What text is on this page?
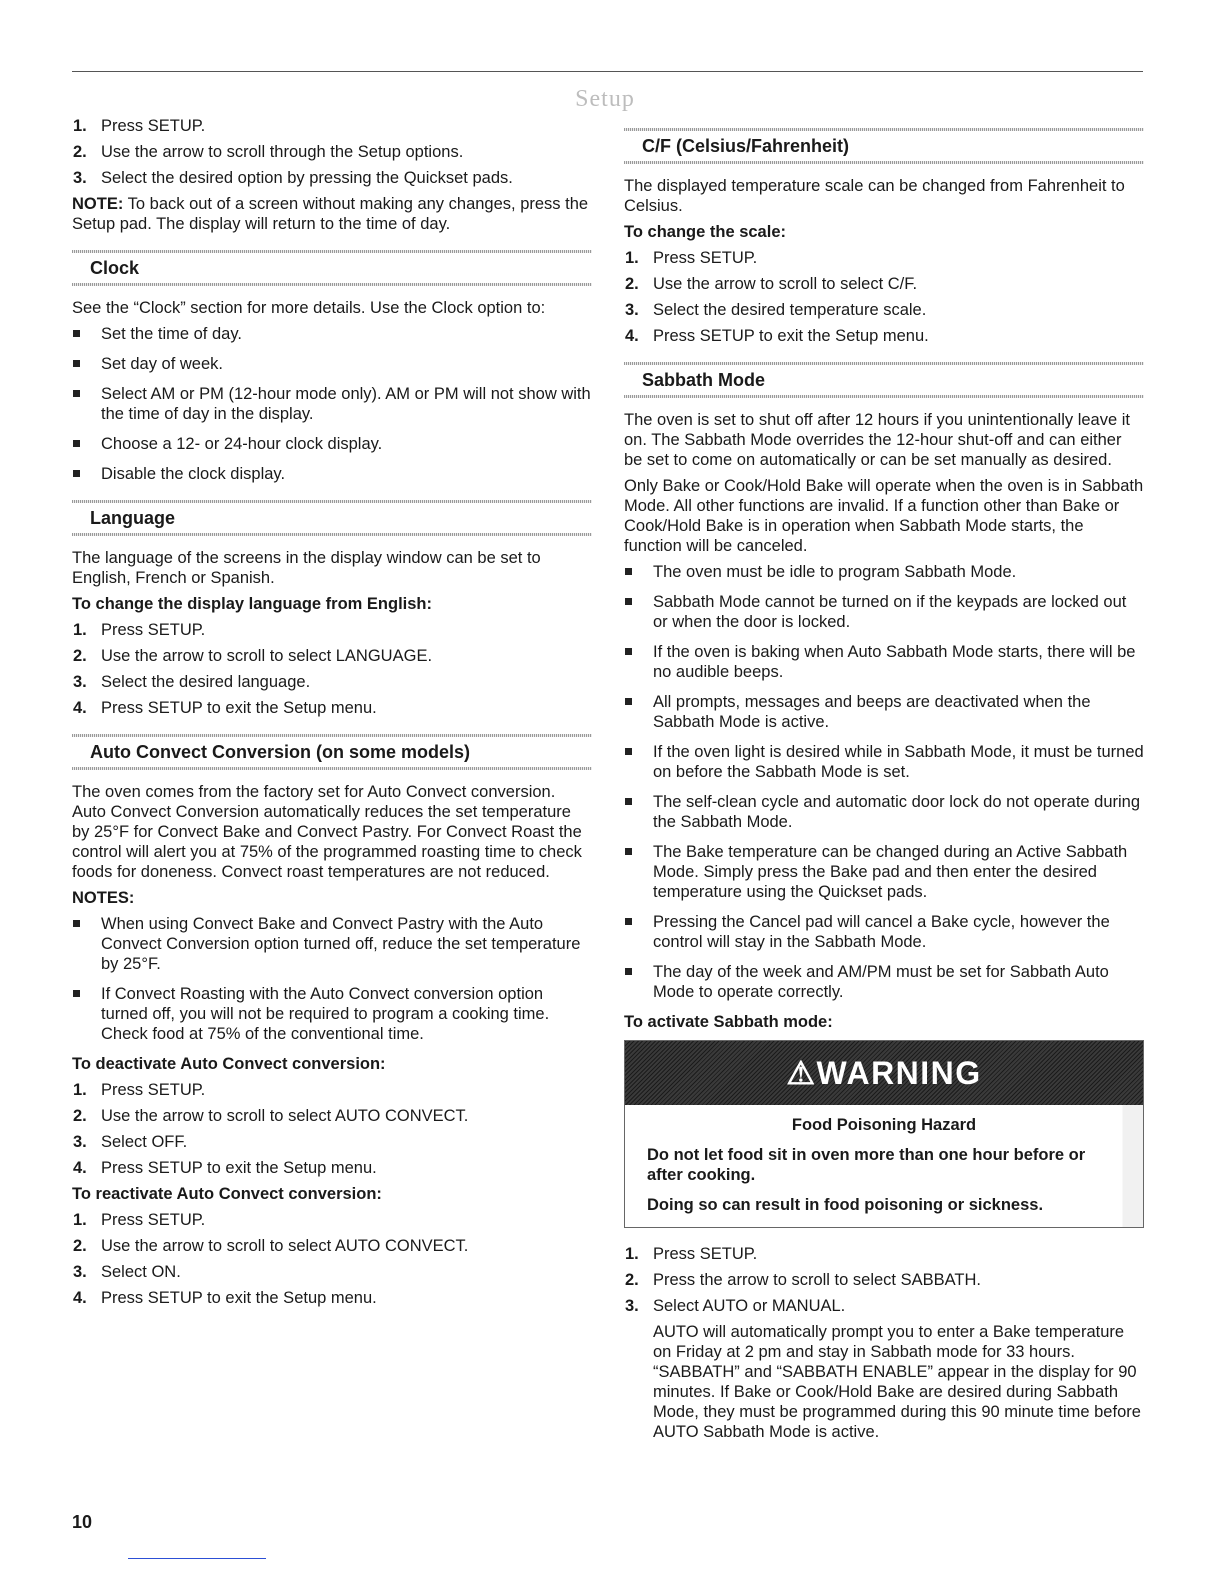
Setup
1. Press SETUP.
2. Use the arrow to scroll through the Setup options.
3. Select the desired option by pressing the Quickset pads.

NOTE: To back out of a screen without making any changes, press the Setup pad. The display will return to the time of day.

Clock

See the “Clock” section for more details. Use the Clock option to:

Set the time of day.
Set day of week.
Select AM or PM (12-hour mode only). AM or PM will not show with the time of day in the display.
Choose a 12- or 24-hour clock display.
Disable the clock display.
Language

The language of the screens in the display window can be set to English, French or Spanish.

To change the display language from English:

1. Press SETUP.
2. Use the arrow to scroll to select LANGUAGE.
3. Select the desired language.
4. Press SETUP to exit the Setup menu.
Auto Convect Conversion (on some models)

The oven comes from the factory set for Auto Convect conversion. Auto Convect Conversion automatically reduces the set temperature by 25°F for Convect Bake and Convect Pastry. For Convect Roast the control will alert you at 75% of the programmed roasting time to check foods for doneness. Convect roast temperatures are not reduced.

NOTES:

When using Convect Bake and Convect Pastry with the Auto Convect Conversion option turned off, reduce the set temperature by 25°F.
If Convect Roasting with the Auto Convect conversion option turned off, you will not be required to program a cooking time. Check food at 75% of the conventional time.

To deactivate Auto Convect conversion:

1. Press SETUP.
2. Use the arrow to scroll to select AUTO CONVECT.
3. Select OFF.
4. Press SETUP to exit the Setup menu.

To reactivate Auto Convect conversion:

1. Press SETUP.
2. Use the arrow to scroll to select AUTO CONVECT.
3. Select ON.
4. Press SETUP to exit the Setup menu.
C/F (Celsius/Fahrenheit)

The displayed temperature scale can be changed from Fahrenheit to Celsius.

To change the scale:

1. Press SETUP.
2. Use the arrow to scroll to select C/F.
3. Select the desired temperature scale.
4. Press SETUP to exit the Setup menu.
Sabbath Mode

The oven is set to shut off after 12 hours if you unintentionally leave it on. The Sabbath Mode overrides the 12-hour shut-off and can either be set to come on automatically or can be set manually as desired.

Only Bake or Cook/Hold Bake will operate when the oven is in Sabbath Mode. All other functions are invalid. If a function other than Bake or Cook/Hold Bake is in operation when Sabbath Mode starts, the function will be canceled.

The oven must be idle to program Sabbath Mode.
Sabbath Mode cannot be turned on if the keypads are locked out or when the door is locked.
If the oven is baking when Auto Sabbath Mode starts, there will be no audible beeps.
All prompts, messages and beeps are deactivated when the Sabbath Mode is active.
If the oven light is desired while in Sabbath Mode, it must be turned on before the Sabbath Mode is set.
The self-clean cycle and automatic door lock do not operate during the Sabbath Mode.
The Bake temperature can be changed during an Active Sabbath Mode. Simply press the Bake pad and then enter the desired temperature using the Quickset pads.
Pressing the Cancel pad will cancel a Bake cycle, however the control will stay in the Sabbath Mode.
The day of the week and AM/PM must be set for Sabbath Auto Mode to operate correctly.

To activate Sabbath mode:

⚠WARNING
Food Poisoning Hazard
Do not let food sit in oven more than one hour before or after cooking.
Doing so can result in food poisoning or sickness.
1. Press SETUP.
2. Press the arrow to scroll to select SABBATH.
3. Select AUTO or MANUAL.

AUTO will automatically prompt you to enter a Bake temperature on Friday at 2 pm and stay in Sabbath mode for 33 hours. “SABBATH” and “SABBATH ENABLE” appear in the display for 90 minutes. If Bake or Cook/Hold Bake are desired during Sabbath Mode, they must be programmed during this 90 minute time before AUTO Sabbath Mode is active.

10
